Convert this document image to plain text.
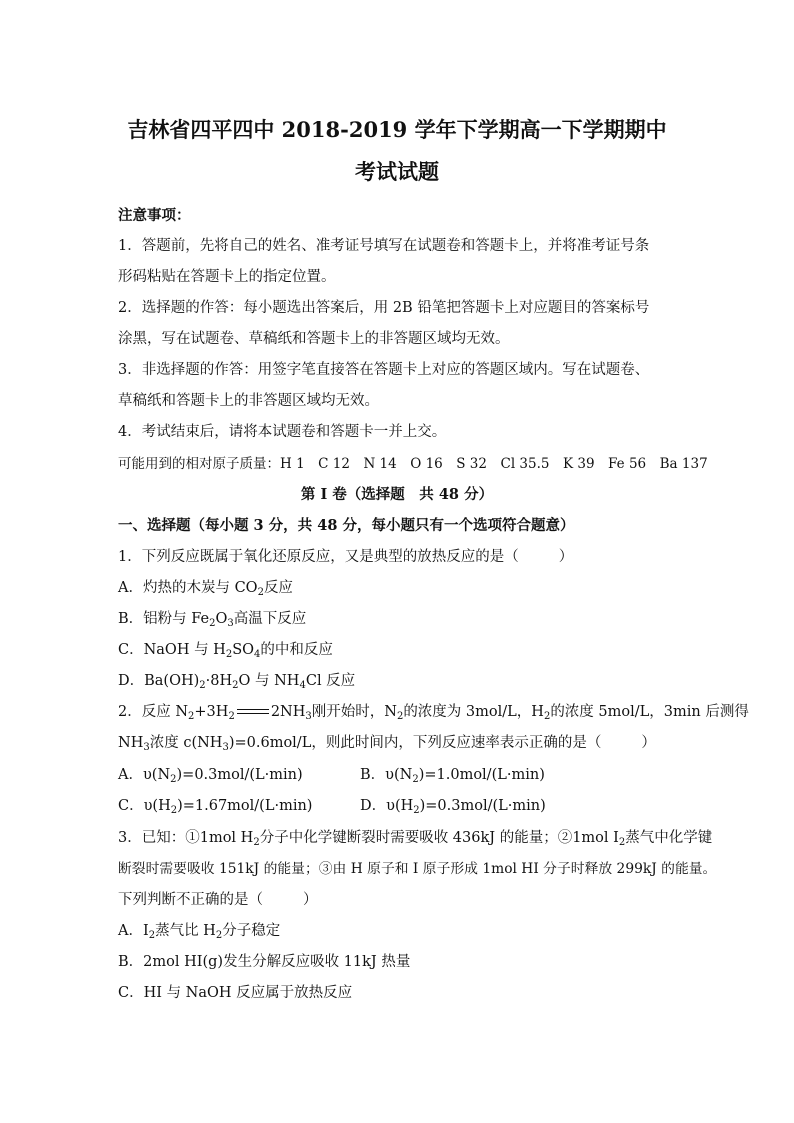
吉林省四平四中 2018-2019 学年下学期高一下学期期中
考试试题
注意事项：
1．答题前，先将自己的姓名、准考证号填写在试题卷和答题卡上，并将准考证号条
形码粘贴在答题卡上的指定位置。
2．选择题的作答：每小题选出答案后，用 2B 铅笔把答题卡上对应题目的答案标号
涂黑，写在试题卷、草稿纸和答题卡上的非答题区域均无效。
3．非选择题的作答：用签字笔直接答在答题卡上对应的答题区域内。写在试题卷、
草稿纸和答题卡上的非答题区域均无效。
4．考试结束后，请将本试题卷和答题卡一并上交。
可能用到的相对原子质量：H 1　C 12　N 14　O 16　S 32　Cl 35.5　K 39　Fe 56　Ba 137
第 I 卷（选择题　共 48 分）
一、选择题（每小题 3 分，共 48 分，每小题只有一个选项符合题意）
1．下列反应既属于氧化还原反应，又是典型的放热反应的是（	）
A．灼热的木炭与 $CO_2$反应
B．铝粉与 $Fe_2O_3$高温下反应
C．NaOH 与 $H_2SO_4$的中和反应
D．$Ba(OH)_2\cdot 8H_2O$ 与 $NH_4Cl$ 反应
2．反应 $N_2+3H_2$ $2NH_3$刚开始时，$N_2$的浓度为 3mol/L，$H_2$的浓度 5mol/L，3min 后测得
$NH_3$浓度 $c(NH_3)=0.6mol/L$，则此时间内，下列反应速率表示正确的是（	）
A．$\upsilon(N_2)=0.3mol/(L\cdot\min)$	B．$\upsilon(N_2)=1.0mol/(L\cdot\min)$
C．$\upsilon(H_2)=1.67mol/(L\cdot\min)$	D．$\upsilon(H_2)=0.3mol/(L\cdot\min)$
3．已知：①1mol $H_2$分子中化学键断裂时需要吸收 436kJ 的能量；②1mol $I_2$蒸气中化学键
断裂时需要吸收 151kJ 的能量；③由 H 原子和 I 原子形成 1mol HI 分子时释放 299kJ 的能量。
下列判断不正确的是（	）
A．$I_2$蒸气比 $H_2$分子稳定
B．2mol HI(g)发生分解反应吸收 11kJ 热量
C．HI 与 NaOH 反应属于放热反应
